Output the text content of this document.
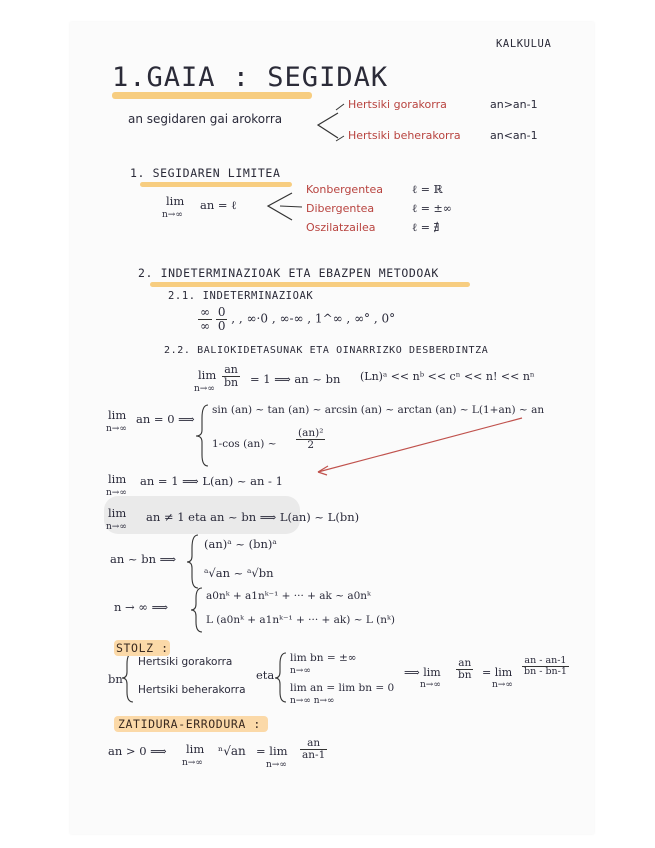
KALKULUA
1.GAIA : SEGIDAK
an segidaren gai arokorra
Hertsiki gorakorra	an>an-1
Hertsiki beherakorra	an<an-1
1. SEGIDAREN LIMITEA
lim
n→∞
an = ℓ
Konbergentea	ℓ = ℝ
Dibergentea	ℓ = ±∞
Oszilatzailea	ℓ = ∄
2. INDETERMINAZIOAK ETA EBAZPEN METODOAK
2.1. INDETERMINAZIOAK
$\frac{\infty}{\infty}$
$\frac{0}{0}$ , , ∞·0 , ∞-∞ , 1^∞ , ∞° , 0°
2.2. BALIOKIDETASUNAK ETA OINARRIZKO DESBERDINTZA
lim
n→∞
$\frac{an}{bn} = 1$ ⟹ an ~ bn (Ln)ᵃ << nᵇ << cⁿ << n! << nⁿ
lim
n→∞
an = 0 ⟹
sin (an) ~ tan (an) ~ arcsin (an) ~ arctan (an) ~ L(1+an) ~ an
1-cos (an) ~ $\frac{\text{(an)²}}{2}$
lim
n→∞
an = 1 ⟹ L(an) ~ an - 1
lim
n→∞
an ≠ 1 eta an ~ bn ⟹ L(an) ~ L(bn)
an ~ bn ⟹
(an)ᵃ ~ (bn)ᵃ
ᵃ√an ~ ᵃ√bn
n → ∞ ⟹
a0nᵏ + a1nᵏ⁻¹ + ··· + ak ~ a0nᵏ
L (a0nᵏ + a1nᵏ⁻¹ + ··· + ak) ~ L (nᵏ)
STOLZ :
bn
Hertsiki gorakorra
Hertsiki beherakorra
eta
lim bn = ±∞
n→∞
lim an = lim bn = 0
n→∞ n→∞
⟹ lim
n→∞
$\frac{an}{bn} = \lim$
n→∞
$\frac{an - an-1}{bn - bn-1}$
ZATIDURA-ERRODURA :
an > 0 ⟹ lim
n→∞
ⁿ√an = lim
n→∞
$\frac{an}{an-1}$
